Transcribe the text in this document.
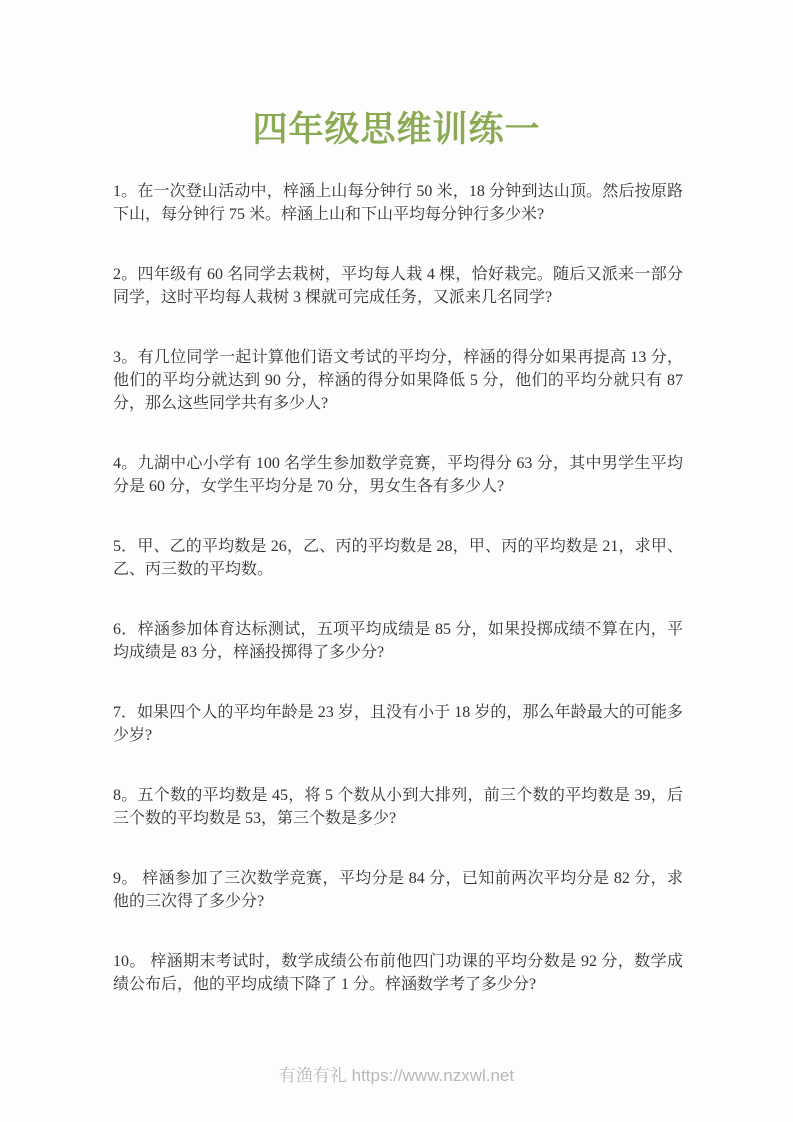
四年级思维训练一

1。在一次登山活动中，梓涵上山每分钟行 50 米，18 分钟到达山顶。然后按原路下山，每分钟行 75 米。梓涵上山和下山平均每分钟行多少米?

2。四年级有 60 名同学去栽树，平均每人栽 4 棵，恰好栽完。随后又派来一部分同学，这时平均每人栽树 3 棵就可完成任务，又派来几名同学?

3。有几位同学一起计算他们语文考试的平均分，梓涵的得分如果再提高 13 分，他们的平均分就达到 90 分，梓涵的得分如果降低 5 分，他们的平均分就只有 87 分，那么这些同学共有多少人?

4。九湖中心小学有 100 名学生参加数学竞赛，平均得分 63 分，其中男学生平均分是 60 分，女学生平均分是 70 分，男女生各有多少人?

5．甲、乙的平均数是 26，乙、丙的平均数是 28，甲、丙的平均数是 21，求甲、乙、丙三数的平均数。

6．梓涵参加体育达标测试，五项平均成绩是 85 分，如果投掷成绩不算在内，平均成绩是 83 分，梓涵投掷得了多少分?

7．如果四个人的平均年龄是 23 岁，且没有小于 18 岁的，那么年龄最大的可能多少岁?

8。五个数的平均数是 45，将 5 个数从小到大排列，前三个数的平均数是 39，后三个数的平均数是 53，第三个数是多少?

9。 梓涵参加了三次数学竞赛，平均分是 84 分，已知前两次平均分是 82 分，求他的三次得了多少分?

10。 梓涵期末考试时，数学成绩公布前他四门功课的平均分数是 92 分，数学成绩公布后，他的平均成绩下降了 1 分。梓涵数学考了多少分?

有渔有礼 https://www.nzxwl.net
